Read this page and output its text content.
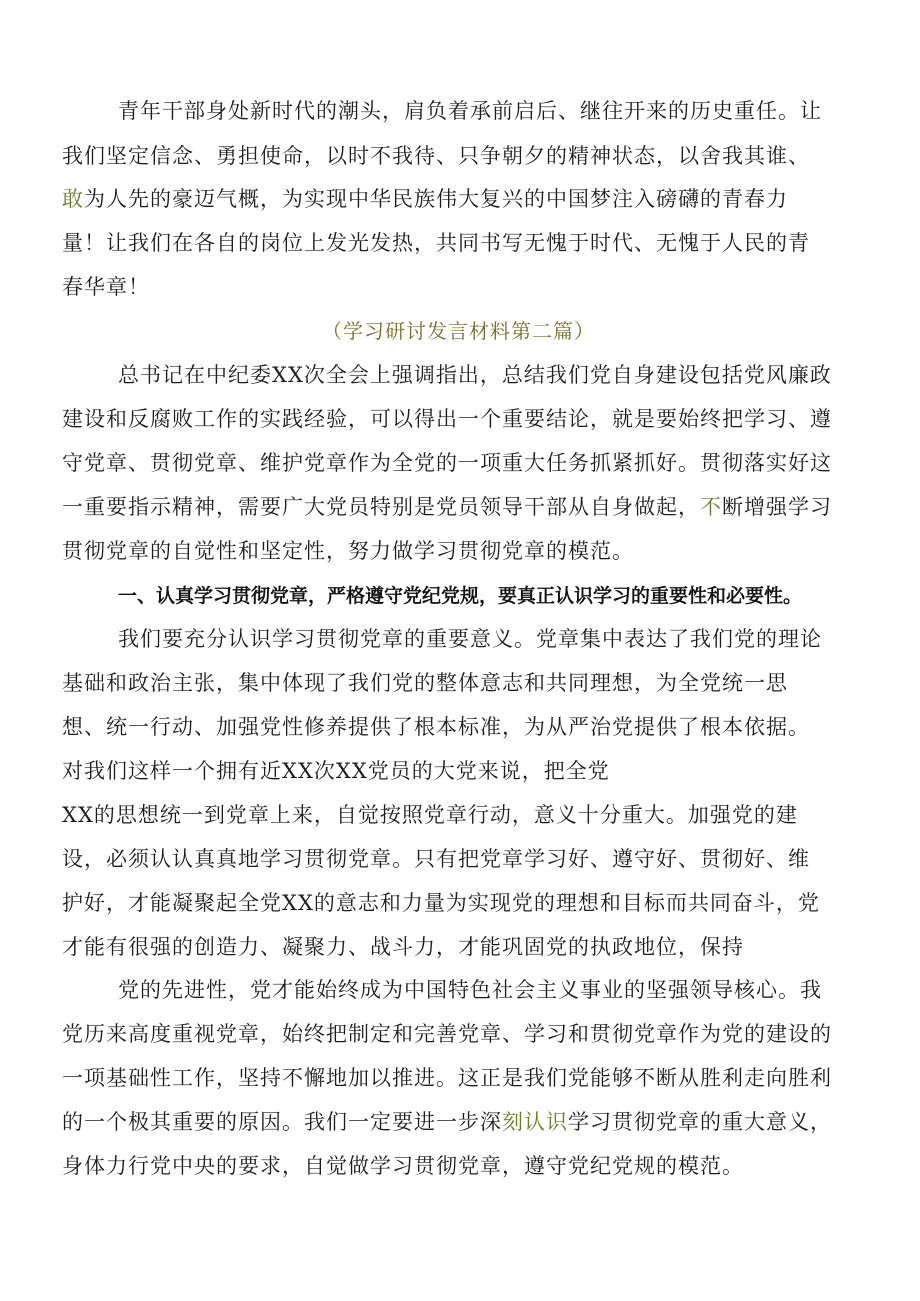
青年干部身处新时代的潮头，肩负着承前启后、继往开来的历史重任。让
我们坚定信念、勇担使命，以时不我待、只争朝夕的精神状态，以舍我其谁、
敢为人先的豪迈气概，为实现中华民族伟大复兴的中国梦注入磅礴的青春力
量！让我们在各自的岗位上发光发热，共同书写无愧于时代、无愧于人民的青
春华章！
（学习研讨发言材料第二篇）
总书记在中纪委XX次全会上强调指出，总结我们党自身建设包括党风廉政
建设和反腐败工作的实践经验，可以得出一个重要结论，就是要始终把学习、遵
守党章、贯彻党章、维护党章作为全党的一项重大任务抓紧抓好。贯彻落实好这
一重要指示精神，需要广大党员特别是党员领导干部从自身做起，不断增强学习
贯彻党章的自觉性和坚定性，努力做学习贯彻党章的模范。
一、认真学习贯彻党章，严格遵守党纪党规，要真正认识学习的重要性和必要性。
我们要充分认识学习贯彻党章的重要意义。党章集中表达了我们党的理论
基础和政治主张，集中体现了我们党的整体意志和共同理想，为全党统一思
想、统一行动、加强党性修养提供了根本标准，为从严治党提供了根本依据。
对我们这样一个拥有近XX次XX党员的大党来说，把全党
XX的思想统一到党章上来，自觉按照党章行动，意义十分重大。加强党的建
设，必须认认真真地学习贯彻党章。只有把党章学习好、遵守好、贯彻好、维
护好，才能凝聚起全党XX的意志和力量为实现党的理想和目标而共同奋斗，党
才能有很强的创造力、凝聚力、战斗力，才能巩固党的执政地位，保持
党的先进性，党才能始终成为中国特色社会主义事业的坚强领导核心。我
党历来高度重视党章，始终把制定和完善党章、学习和贯彻党章作为党的建设的
一项基础性工作，坚持不懈地加以推进。这正是我们党能够不断从胜利走向胜利
的一个极其重要的原因。我们一定要进一步深刻认识学习贯彻党章的重大意义，
身体力行党中央的要求，自觉做学习贯彻党章，遵守党纪党规的模范。
